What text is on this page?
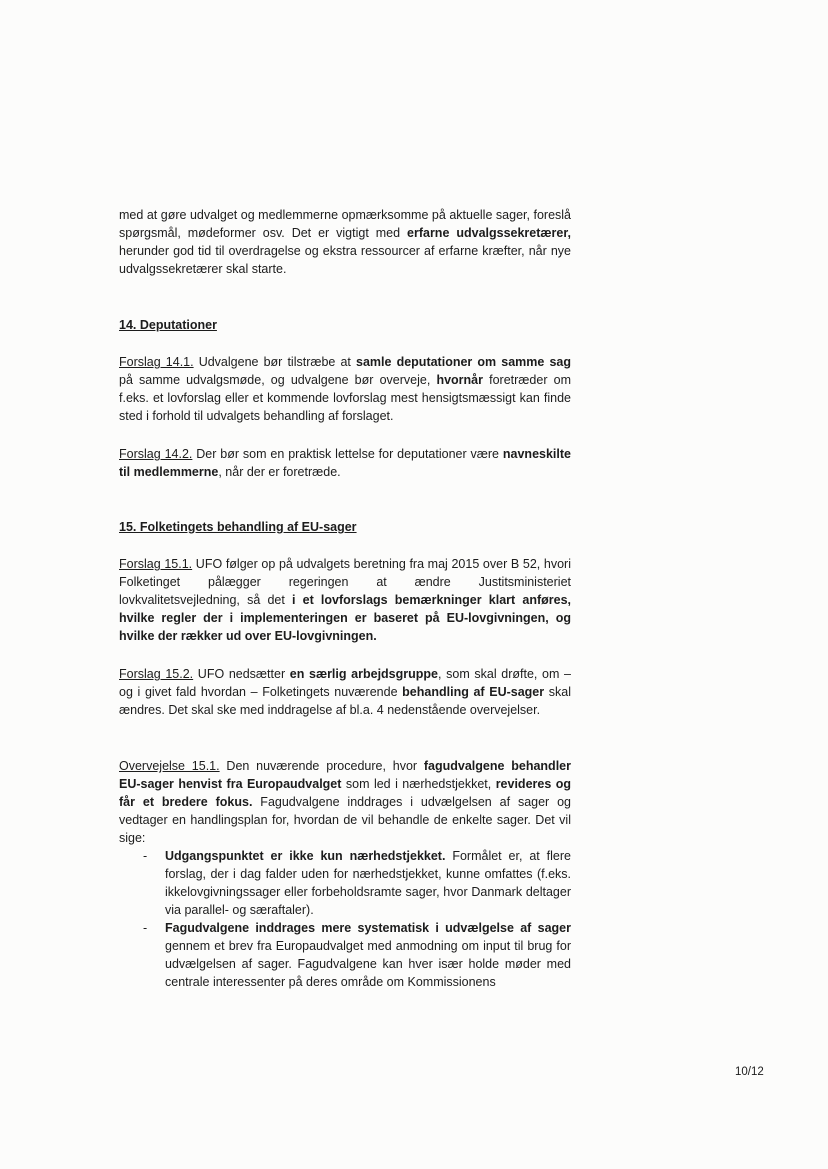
med at gøre udvalget og medlemmerne opmærksomme på aktuelle sager, foreslå spørgsmål, mødeformer osv. Det er vigtigt med erfarne udvalgssekretærer, herunder god tid til overdragelse og ekstra ressourcer af erfarne kræfter, når nye udvalgssekretærer skal starte.

14. Deputationer

Forslag 14.1. Udvalgene bør tilstræbe at samle deputationer om samme sag på samme udvalgsmøde, og udvalgene bør overveje, hvornår foretræder om f.eks. et lovforslag eller et kommende lovforslag mest hensigtsmæssigt kan finde sted i forhold til udvalgets behandling af forslaget.

Forslag 14.2. Der bør som en praktisk lettelse for deputationer være navneskilte til medlemmerne, når der er foretræde.

15. Folketingets behandling af EU-sager

Forslag 15.1. UFO følger op på udvalgets beretning fra maj 2015 over B 52, hvori Folketinget pålægger regeringen at ændre Justitsministeriet lovkvalitetsvejledning, så det i et lovforslags bemærkninger klart anføres, hvilke regler der i implementeringen er baseret på EU-lovgivningen, og hvilke der rækker ud over EU-lovgivningen.

Forslag 15.2. UFO nedsætter en særlig arbejdsgruppe, som skal drøfte, om – og i givet fald hvordan – Folketingets nuværende behandling af EU-sager skal ændres. Det skal ske med inddragelse af bl.a. 4 nedenstående overvejelser.

Overvejelse 15.1. Den nuværende procedure, hvor fagudvalgene behandler EU-sager henvist fra Europaudvalget som led i nærhedstjekket, revideres og får et bredere fokus. Fagudvalgene inddrages i udvælgelsen af sager og vedtager en handlingsplan for, hvordan de vil behandle de enkelte sager. Det vil sige:

- Udgangspunktet er ikke kun nærhedstjekket. Formålet er, at flere forslag, der i dag falder uden for nærhedstjekket, kunne omfattes (f.eks. ikkelovgivningssager eller forbeholdsramte sager, hvor Danmark deltager via parallel- og særaftaler).
- Fagudvalgene inddrages mere systematisk i udvælgelse af sager gennem et brev fra Europaudvalget med anmodning om input til brug for udvælgelsen af sager. Fagudvalgene kan hver især holde møder med centrale interessenter på deres område om Kommissionens
10/12
